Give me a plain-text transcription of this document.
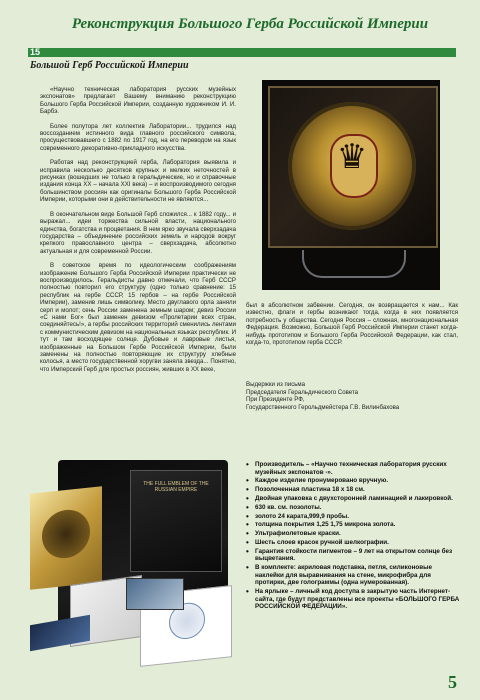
Реконструкция Большого Герба Российской Империи
15
Большой Герб Российской Империи

«Научно техническая лаборатория русских музейных экспонатов» предлагает Вашему вниманию реконструкцию Большого Герба Российской Империи, созданную художником И. И. Барбэ.

Более полутора лет коллектив Лаборатории... трудился над воссозданием истинного вида главного российского символа, просуществовавшего с 1882 по 1917 год, на его переводом на язык современного декоративно-прикладного искусства.

Работая над реконструкцией герба, Лаборатория выявила и исправила несколько десятков крупных и мелких неточностей в рисунках (вошедших не только в геральдические, но и справочные издания конца XX – начала XXI века) – и воспроизводимого сегодня большинством россиян как оригиналы Большого Герба Российской Империи, которыми они в действительности не являются...

В окончательном виде Большой Герб сложился... к 1882 году... и выражал... идеи торжества сильной власти, национального единства, богатства и процветания. В нем ярко звучала сверхзадача государства – объединение российских земель и народов вокруг крепкого православного центра – сверхзадача, абсолютно актуальная и для современной России.

В советское время по идеологическим соображениям изображение Большого Герба Российской Империи практически не воспроизводилось. Геральдисты давно отмечали, что Герб СССР полностью повторил его структуру (одно только сравнение: 15 республик на гербе СССР, 15 гербов – на гербе Российской Империи), заменив лишь символику. Место двуглавого орла заняли серп и молот; сень России заменена земным шаром; девиз России «С нами Бог» был заменен девизом «Пролетарии всех стран, соединяйтесь!», а гербы российских территорий сменились лентами с коммунистическим девизом на национальных языках республик. И тут и там восходящее солнце. Дубовые и лавровые листья, изображенные на Большом Гербе Российской Империи, были заменены на полностью повторяющие их структуру хлебные колосья, а место государственной хоругви заняла звезда... Понятно, что Имперский Герб для простых россиян, живших в XX веке,

♛

был в абсолютном забвении. Сегодня, он возвращается к нам... Как известно, флаги и гербы возникают тогда, когда в них появляется потребность у общества. Сегодня Россия – сложная, многонациональная Федерация. Возможно, Большой Герб Российской Империи станет когда-нибудь прототипом и Большого Герба Российской Федерации, как стал, когда-то, прототипом герба СССР.

Выдержки из письма
Председателя Геральдического Совета
При Президенте РФ,
Государственного Герольдмейстера Г.В. Вилинбахова
THE FULL EMBLEM OF THE RUSSIAN EMPIRE
• Производитель – «Научно техническая лаборатория русских музейных экспонатов -».
• Каждое изделие пронумеровано вручную.
• Позолоченная пластина 18 х 18 см.
• Двойная упаковка с двухсторонней ламинацией и лакировкой.
• 630 кв. см. позолоты.
• золото 24 карата,999,9 пробы.
• толщина покрытия 1,25 1,75 микрона золота.
• Ультрафиолетовые краски.
• Шесть слоев красок ручной шелкографии.
• Гарантия стойкости пигментов – 9 лет на открытом солнце без выцветания.
• В комплекте: акриловая подставка, петля, силиконовые наклейки для выравнивания на стене, микрофибра для протирки, две голограммы (одна нумерованная).
• На ярлыке – личный код доступа в закрытую часть Интернет-сайта, где будут представлены все проекты «БОЛЬШОГО ГЕРБА РОССИЙСКОЙ ФЕДЕРАЦИИ».
5
